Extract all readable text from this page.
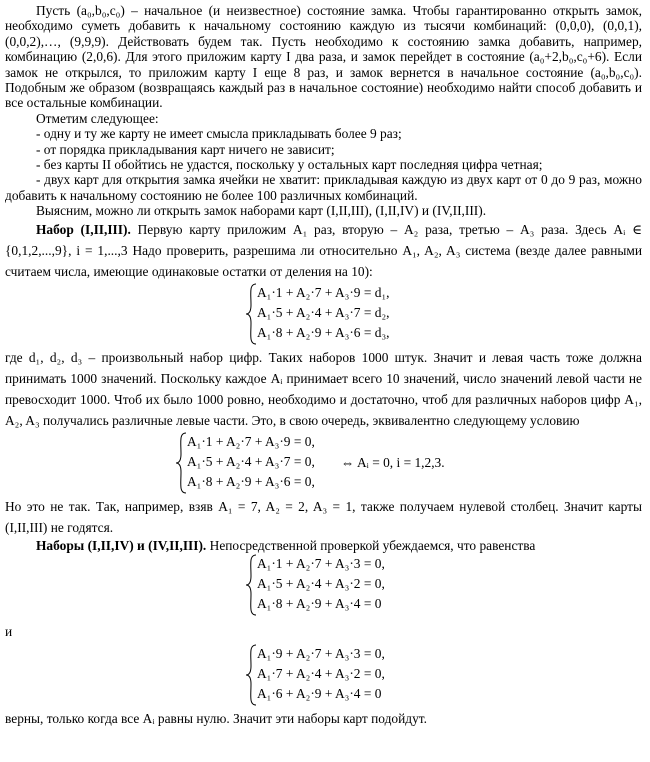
Пусть (a₀,b₀,c₀) – начальное (и неизвестное) состояние замка. Чтобы гарантированно открыть замок, необходимо суметь добавить к начальному состоянию каждую из тысячи комбинаций: (0,0,0), (0,0,1), (0,0,2),…, (9,9,9). Действовать будем так. Пусть необходимо к состоянию замка добавить, например, комбинацию (2,0,6). Для этого приложим карту I два раза, и замок перейдет в состояние (a₀+2,b₀,c₀+6). Если замок не открылся, то приложим карту I еще 8 раз, и замок вернется в начальное состояние (a₀,b₀,c₀). Подобным же образом (возвращаясь каждый раз в начальное состояние) необходимо найти способ добавить и все остальные комбинации.

Отметим следующее:

- одну и ту же карту не имеет смысла прикладывать более 9 раз;

- от порядка прикладывания карт ничего не зависит;

- без карты II обойтись не удастся, поскольку у остальных карт последняя цифра четная;

- двух карт для открытия замка ячейки не хватит: прикладывая каждую из двух карт от 0 до 9 раз, можно добавить к начальному состоянию не более 100 различных комбинаций.

Выясним, можно ли открыть замок наборами карт (I,II,III), (I,II,IV) и (IV,II,III).

Набор (I,II,III). Первую карту приложим A₁ раз, вторую – A₂ раза, третью – A₃ раза. Здесь Aᵢ ∈ {0,1,2,...,9}, i = 1,...,3 Надо проверить, разрешима ли относительно A₁, A₂, A₃ система (везде далее равными считаем числа, имеющие одинаковые остатки от деления на 10):

A₁·1 + A₂·7 + A₃·9 = d₁,
A₁·5 + A₂·4 + A₃·7 = d₂,
A₁·8 + A₂·9 + A₃·6 = d₃,

где d₁, d₂, d₃ – произвольный набор цифр. Таких наборов 1000 штук. Значит и левая часть тоже должна принимать 1000 значений. Поскольку каждое Aᵢ принимает всего 10 значений, число значений левой части не превосходит 1000. Чтоб их было 1000 ровно, необходимо и достаточно, чтоб для различных наборов цифр A₁, A₂, A₃ получались различные левые части. Это, в свою очередь, эквивалентно следующему условию

A₁·1 + A₂·7 + A₃·9 = 0,
A₁·5 + A₂·4 + A₃·7 = 0,
A₁·8 + A₂·9 + A₃·6 = 0,
⇔ Aᵢ = 0, i = 1,2,3.

Но это не так. Так, например, взяв A₁ = 7, A₂ = 2, A₃ = 1, также получаем нулевой столбец. Значит карты (I,II,III) не годятся.

Наборы (I,II,IV) и (IV,II,III). Непосредственной проверкой убеждаемся, что равенства

A₁·1 + A₂·7 + A₃·3 = 0,
A₁·5 + A₂·4 + A₃·2 = 0,
A₁·8 + A₂·9 + A₃·4 = 0

и

A₁·9 + A₂·7 + A₃·3 = 0,
A₁·7 + A₂·4 + A₃·2 = 0,
A₁·6 + A₂·9 + A₃·4 = 0

верны, только когда все Aᵢ равны нулю. Значит эти наборы карт подойдут.
